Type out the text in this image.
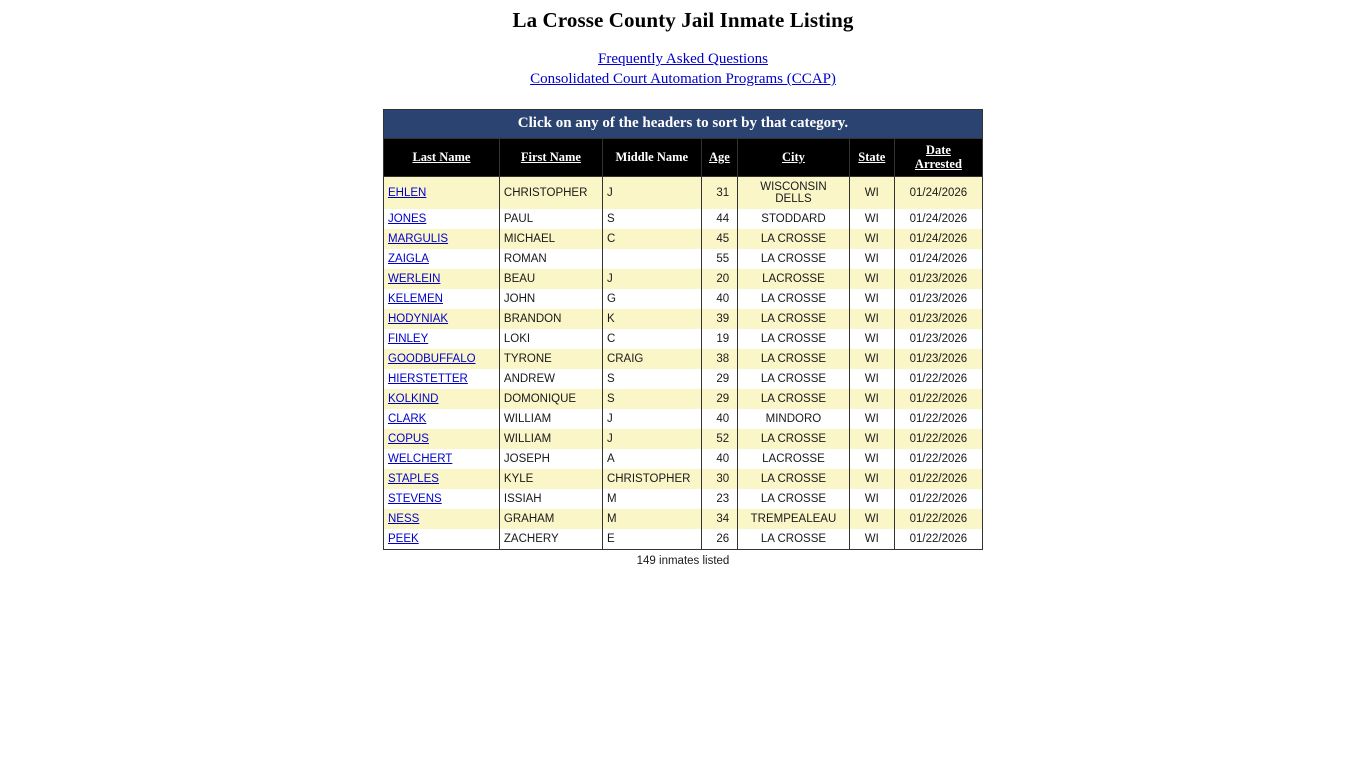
La Crosse County Jail Inmate Listing
Frequently Asked Questions
Consolidated Court Automation Programs (CCAP)
Click on any of the headers to sort by that category.						
Last Name	First Name	Middle Name	Age	City	State	Date
Arrested
EHLEN	CHRISTOPHER	J	31	WISCONSIN DELLS	WI	01/24/2026
JONES	PAUL	S	44	STODDARD	WI	01/24/2026
MARGULIS	MICHAEL	C	45	LA CROSSE	WI	01/24/2026
ZAIGLA	ROMAN		55	LA CROSSE	WI	01/24/2026
WERLEIN	BEAU	J	20	LACROSSE	WI	01/23/2026
KELEMEN	JOHN	G	40	LA CROSSE	WI	01/23/2026
HODYNIAK	BRANDON	K	39	LA CROSSE	WI	01/23/2026
FINLEY	LOKI	C	19	LA CROSSE	WI	01/23/2026
GOODBUFFALO	TYRONE	CRAIG	38	LA CROSSE	WI	01/23/2026
HIERSTETTER	ANDREW	S	29	LA CROSSE	WI	01/22/2026
KOLKIND	DOMONIQUE	S	29	LA CROSSE	WI	01/22/2026
CLARK	WILLIAM	J	40	MINDORO	WI	01/22/2026
COPUS	WILLIAM	J	52	LA CROSSE	WI	01/22/2026
WELCHERT	JOSEPH	A	40	LACROSSE	WI	01/22/2026
STAPLES	KYLE	CHRISTOPHER	30	LA CROSSE	WI	01/22/2026
STEVENS	ISSIAH	M	23	LA CROSSE	WI	01/22/2026
NESS	GRAHAM	M	34	TREMPEALEAU	WI	01/22/2026
PEEK	ZACHERY	E	26	LA CROSSE	WI	01/22/2026
149 inmates listed
